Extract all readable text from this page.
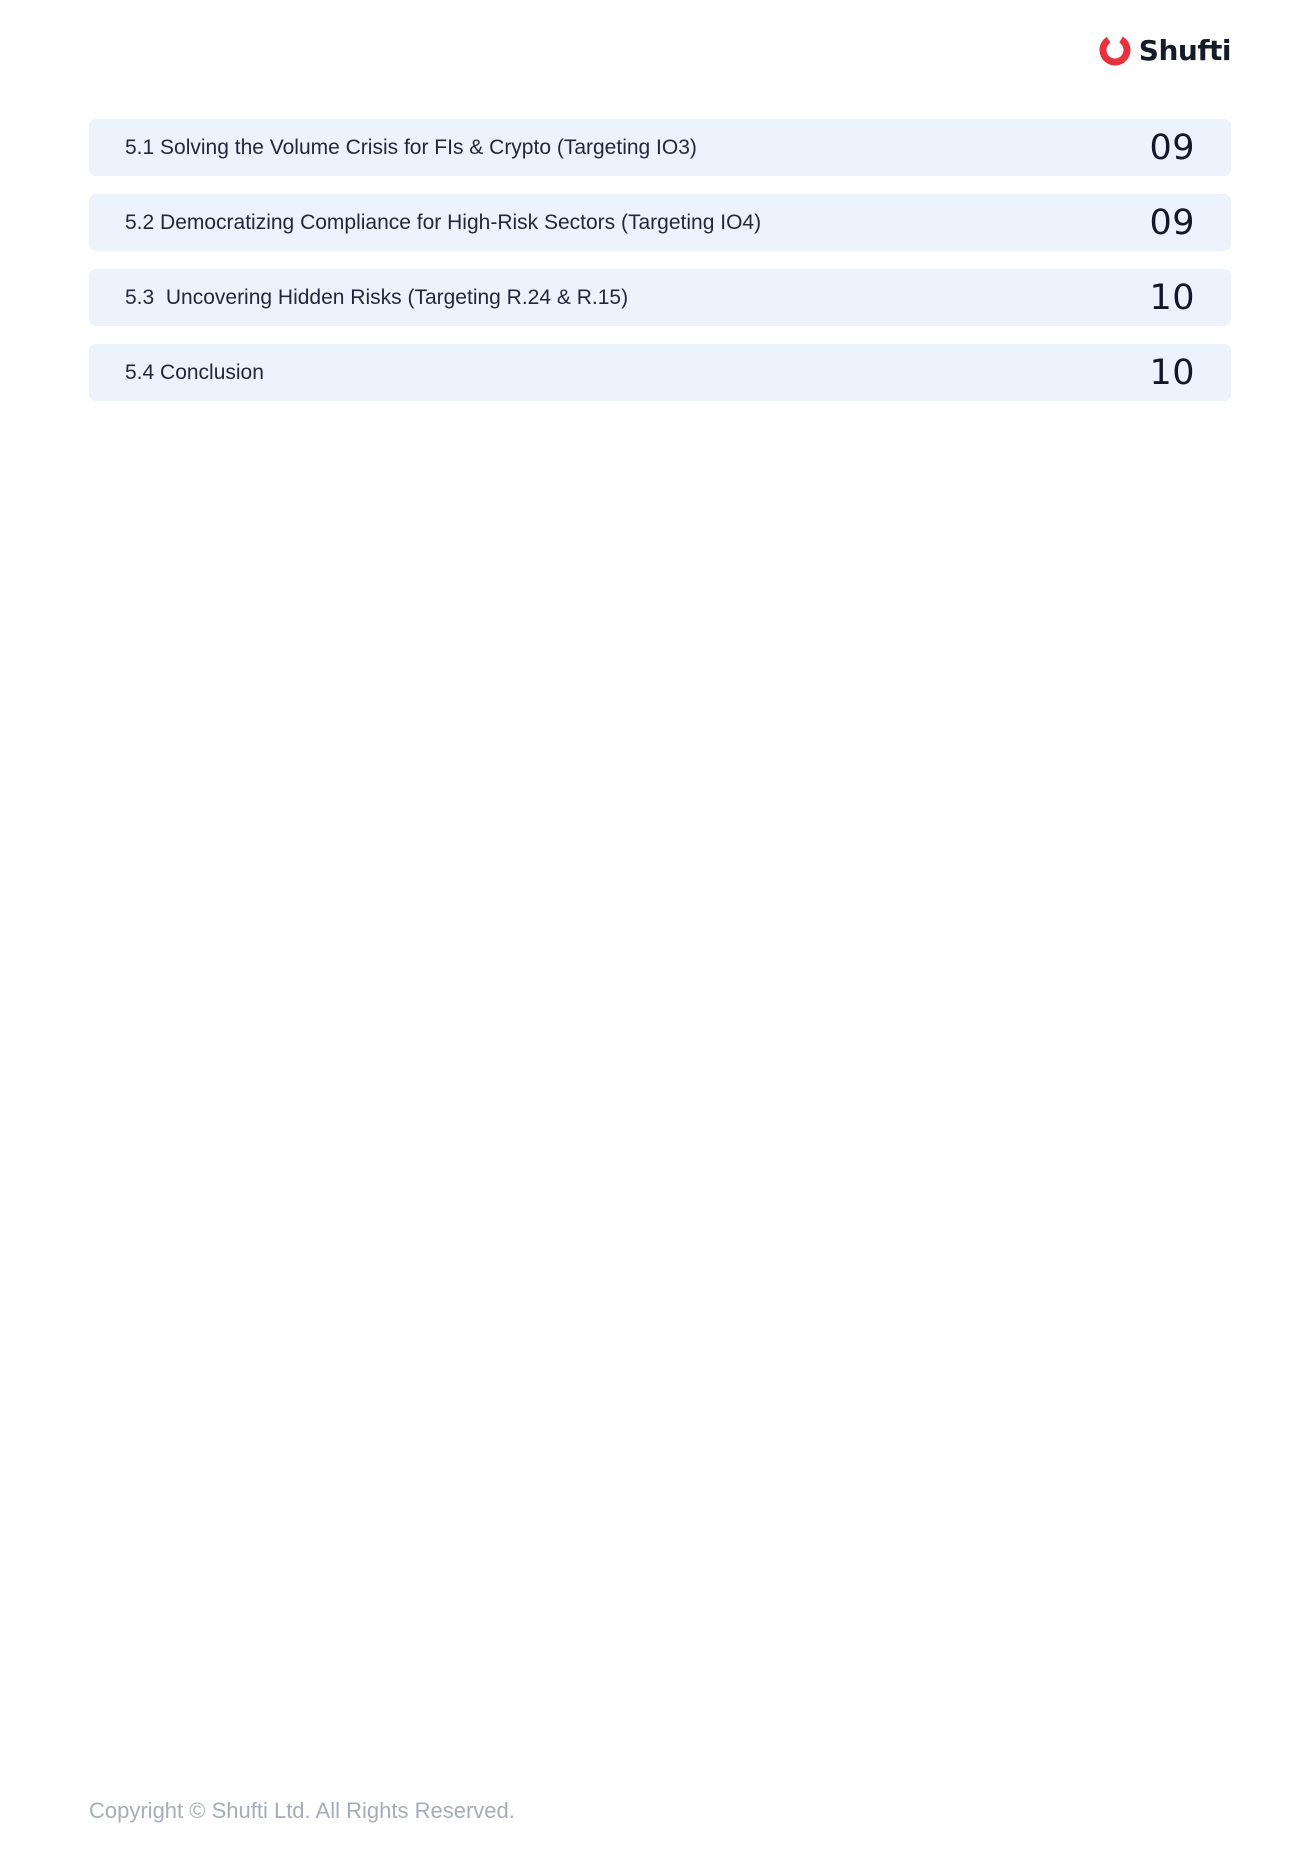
Shufti
5.1 Solving the Volume Crisis for FIs & Crypto (Targeting IO3)	09
5.2 Democratizing Compliance for High-Risk Sectors (Targeting IO4)	09
5.3  Uncovering Hidden Risks (Targeting R.24 & R.15)	10
5.4 Conclusion	10
Copyright © Shufti Ltd. All Rights Reserved.
